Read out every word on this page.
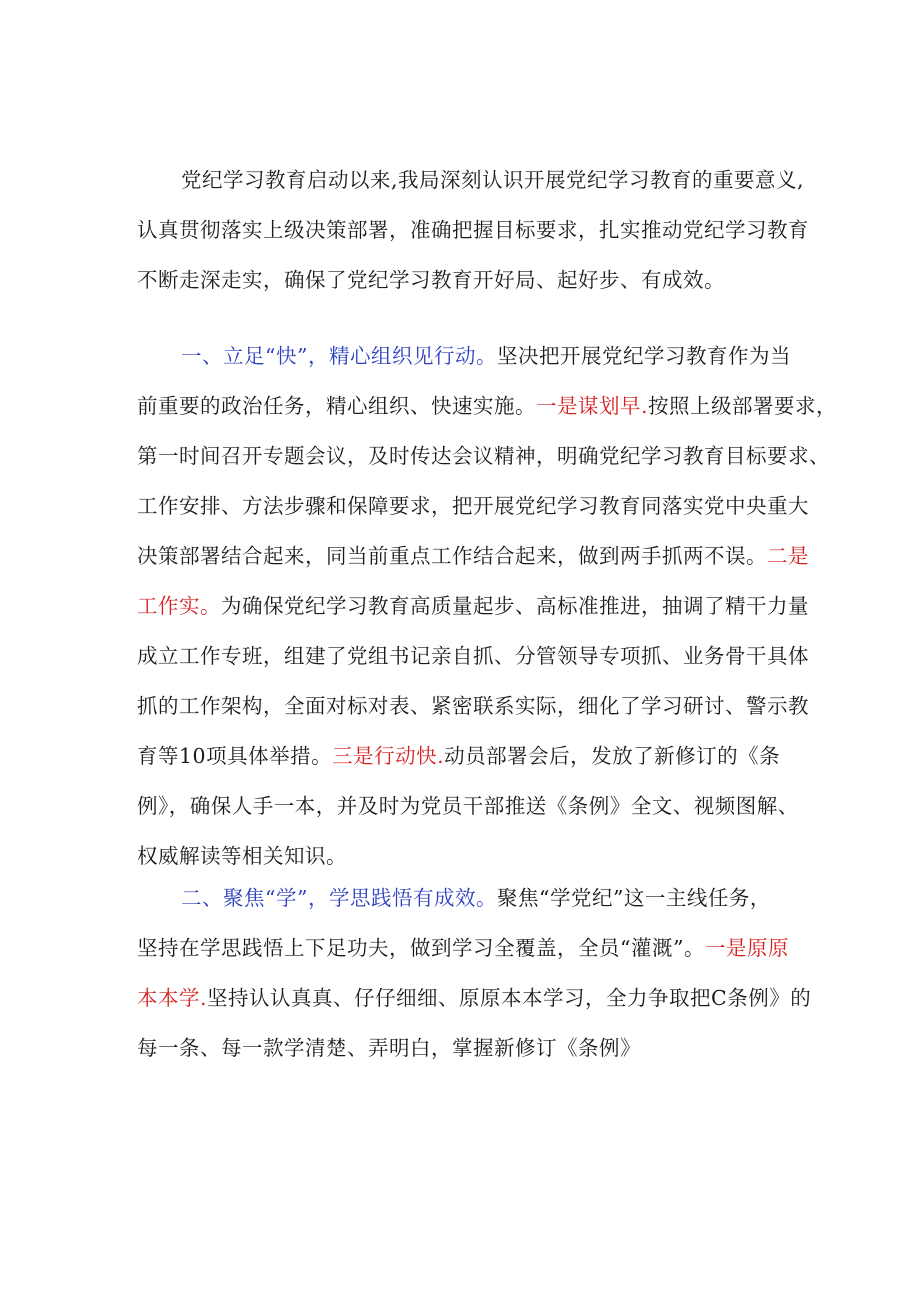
党纪学习教育启动以来,我局深刻认识开展党纪学习教育的重要意义,
认真贯彻落实上级决策部署，准确把握目标要求，扎实推动党纪学习教育
不断走深走实，确保了党纪学习教育开好局、起好步、有成效。
一、立足“快”，精心组织见行动。坚决把开展党纪学习教育作为当
前重要的政治任务，精心组织、快速实施。一是谋划早.按照上级部署要求，
第一时间召开专题会议，及时传达会议精神，明确党纪学习教育目标要求、
工作安排、方法步骤和保障要求，把开展党纪学习教育同落实党中央重大
决策部署结合起来，同当前重点工作结合起来，做到两手抓两不误。二是
工作实。为确保党纪学习教育高质量起步、高标准推进，抽调了精干力量
成立工作专班，组建了党组书记亲自抓、分管领导专项抓、业务骨干具体
抓的工作架构，全面对标对表、紧密联系实际，细化了学习研讨、警示教
育等10项具体举措。三是行动快.动员部署会后，发放了新修订的《条
例》，确保人手一本，并及时为党员干部推送《条例》全文、视频图解、
权威解读等相关知识。
二、聚焦“学”，学思践悟有成效。聚焦“学党纪”这一主线任务，
坚持在学思践悟上下足功夫，做到学习全覆盖，全员“灌溉”。一是原原
本本学.坚持认认真真、仔仔细细、原原本本学习，全力争取把C条例》的
每一条、每一款学清楚、弄明白，掌握新修订《条例》
